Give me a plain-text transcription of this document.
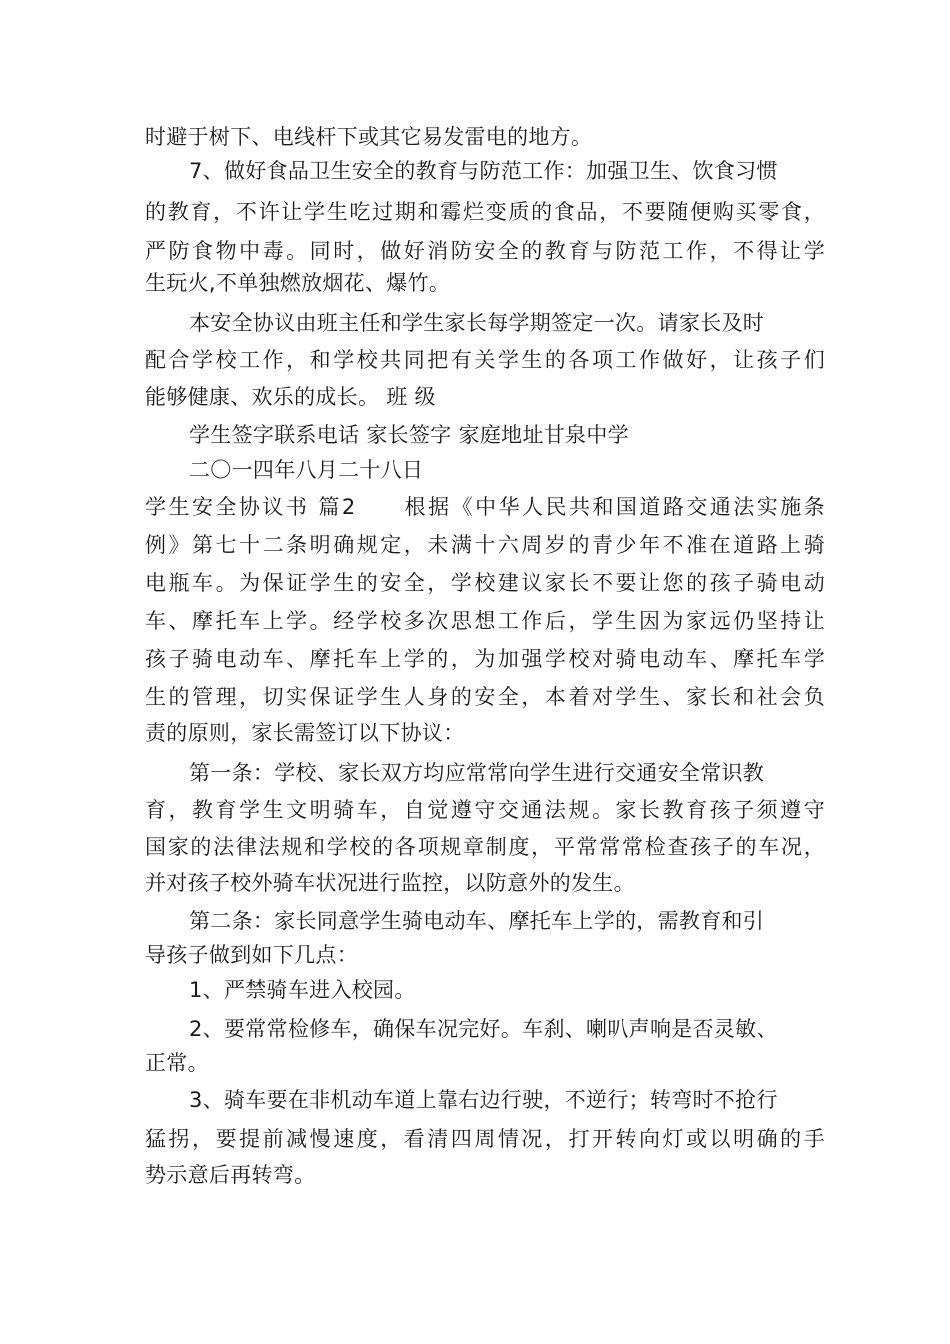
时避于树下、电线杆下或其它易发雷电的地方。
7、做好食品卫生安全的教育与防范工作：加强卫生、饮食习惯
的教育，不许让学生吃过期和霉烂变质的食品，不要随便购买零食，
严防食物中毒。同时，做好消防安全的教育与防范工作，不得让学
生玩火,不单独燃放烟花、爆竹。
本安全协议由班主任和学生家长每学期签定一次。请家长及时
配合学校工作，和学校共同把有关学生的各项工作做好，让孩子们
能够健康、欢乐的成长。 班 级
学生签字联系电话 家长签字 家庭地址甘泉中学
二〇一四年八月二十八日
学生安全协议书 篇2　　根据《中华人民共和国道路交通法实施条
例》第七十二条明确规定，未满十六周岁的青少年不准在道路上骑
电瓶车。为保证学生的安全，学校建议家长不要让您的孩子骑电动
车、摩托车上学。经学校多次思想工作后，学生因为家远仍坚持让
孩子骑电动车、摩托车上学的，为加强学校对骑电动车、摩托车学
生的管理，切实保证学生人身的安全，本着对学生、家长和社会负
责的原则，家长需签订以下协议：
第一条：学校、家长双方均应常常向学生进行交通安全常识教
育，教育学生文明骑车，自觉遵守交通法规。家长教育孩子须遵守
国家的法律法规和学校的各项规章制度，平常常常检查孩子的车况，
并对孩子校外骑车状况进行监控，以防意外的发生。
第二条：家长同意学生骑电动车、摩托车上学的，需教育和引
导孩子做到如下几点：
1、严禁骑车进入校园。
2、要常常检修车，确保车况完好。车刹、喇叭声响是否灵敏、
正常。
3、骑车要在非机动车道上靠右边行驶，不逆行；转弯时不抢行
猛拐，要提前减慢速度，看清四周情况，打开转向灯或以明确的手
势示意后再转弯。
